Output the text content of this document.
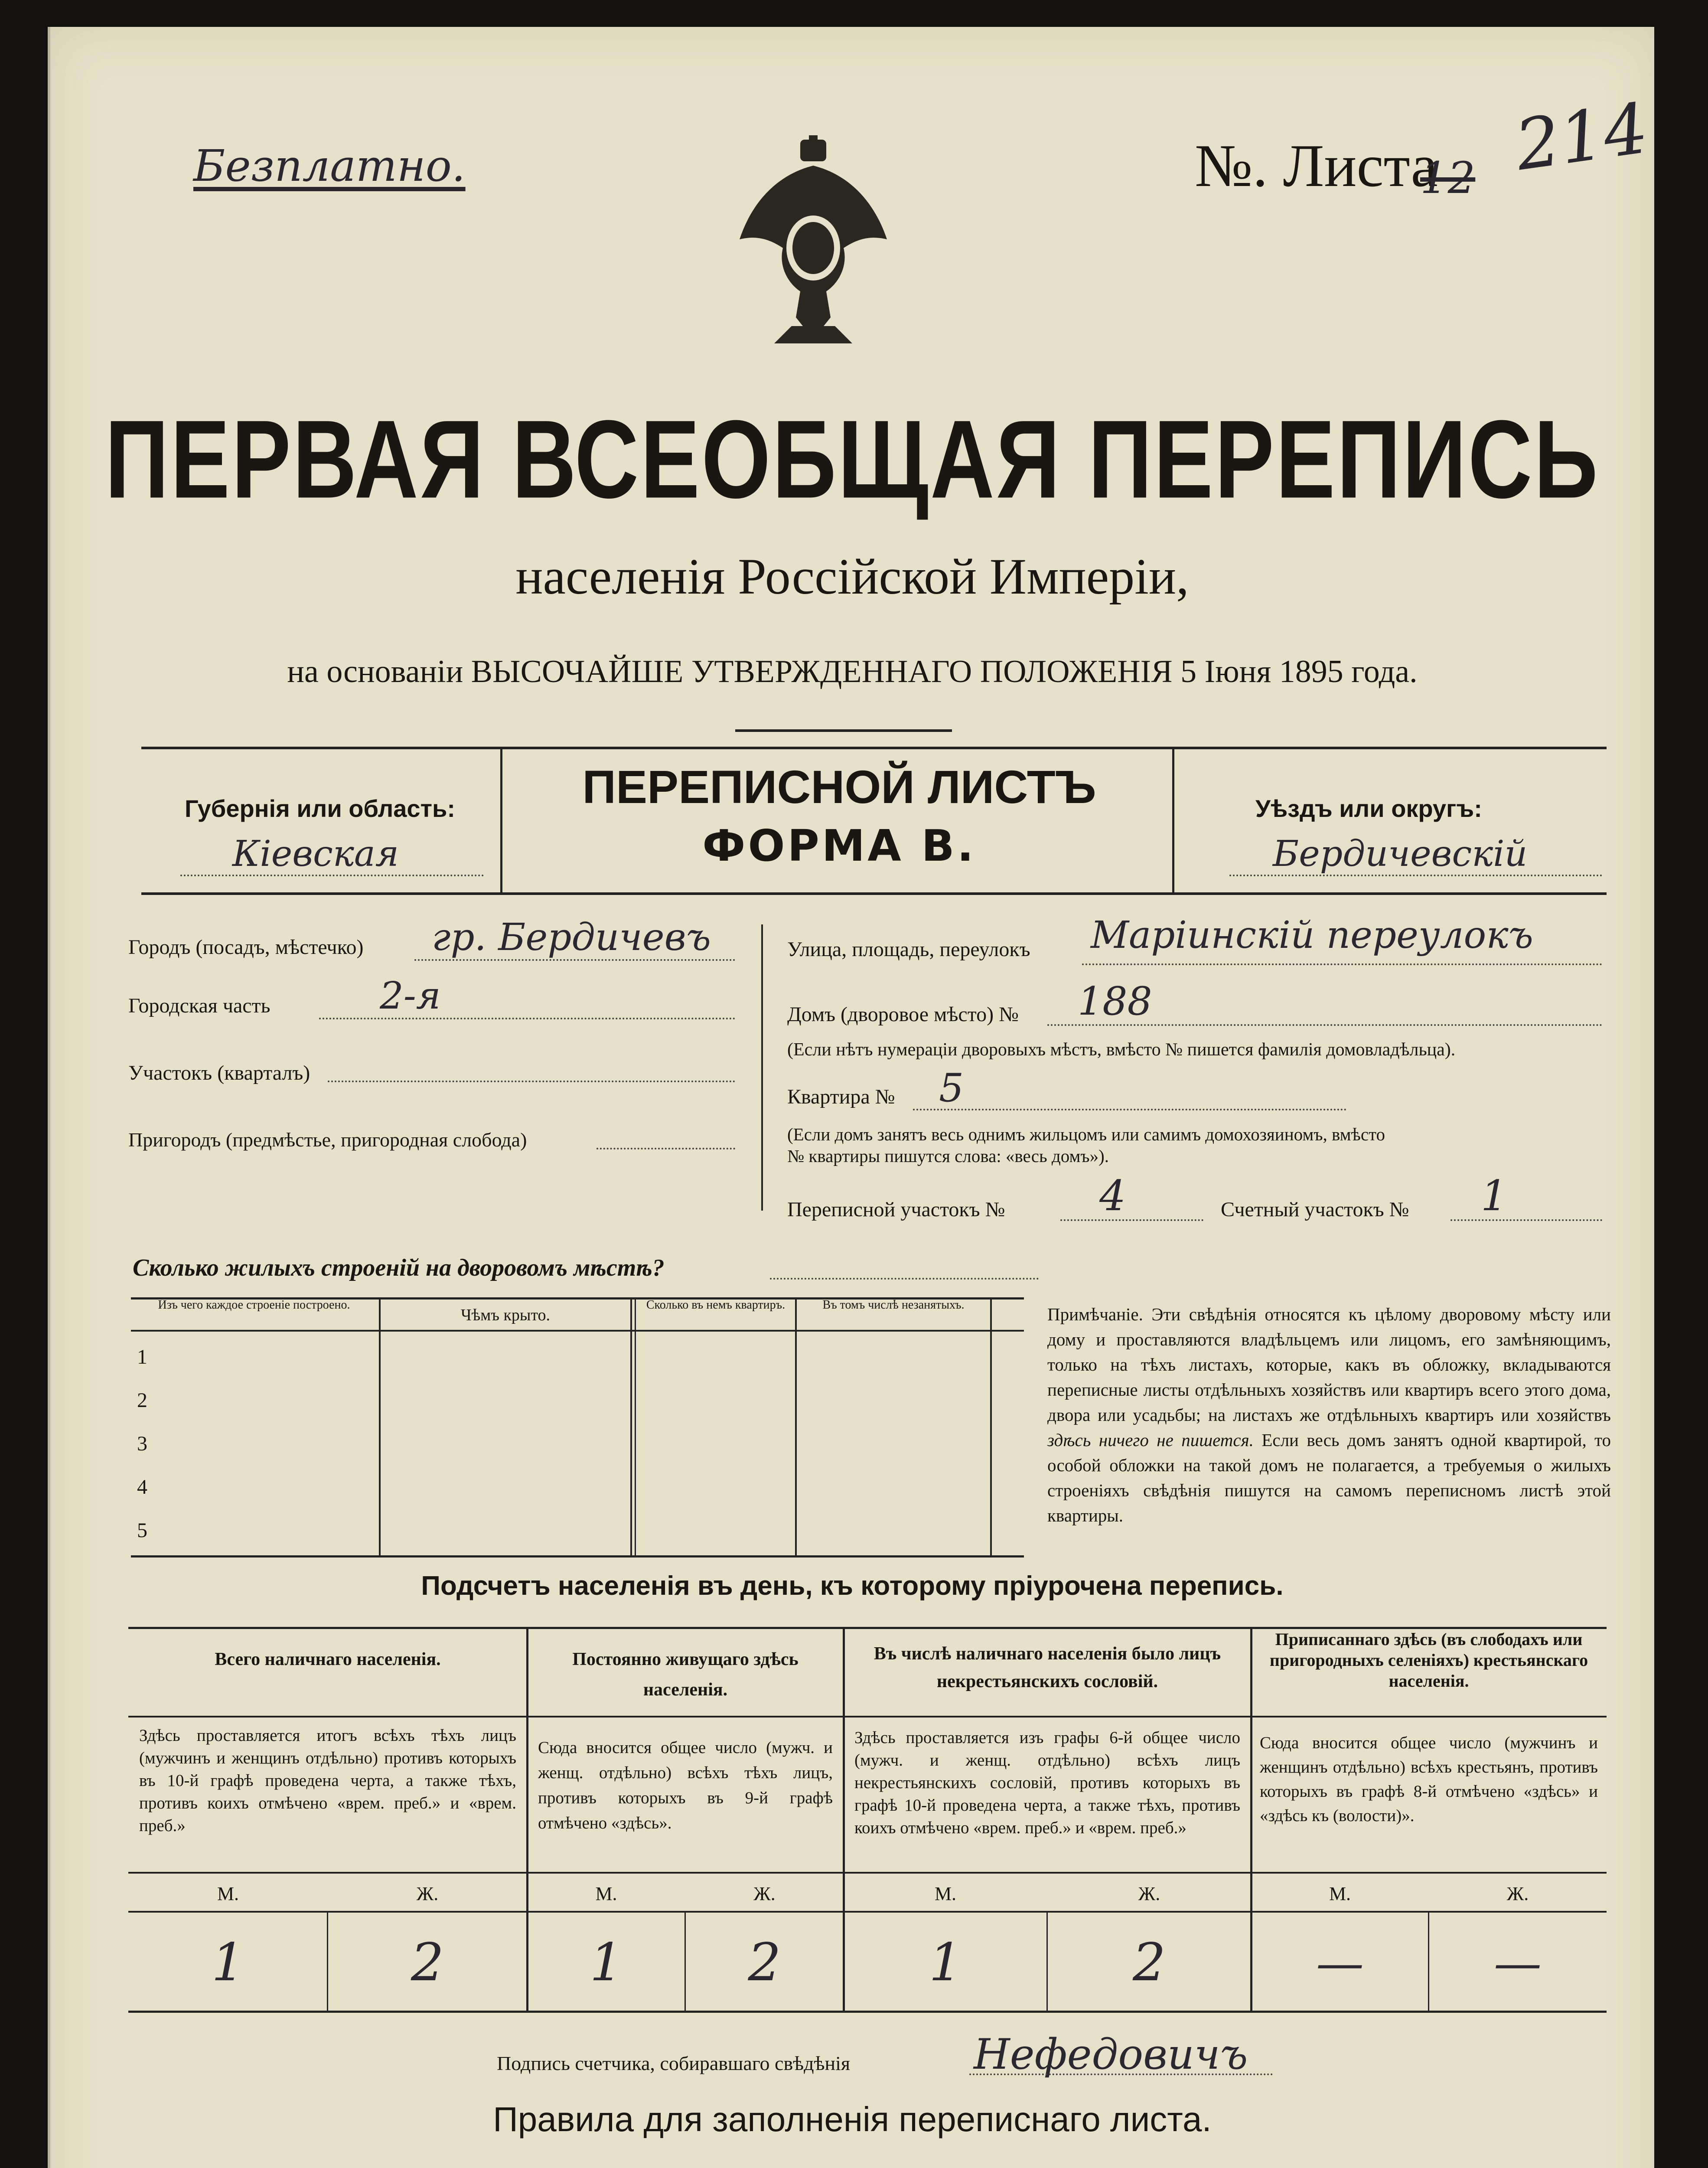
Безплатно.	№. Листа
12 214
ПЕРВАЯ ВСЕОБЩАЯ ПЕРЕПИСЬ
населенія Россійской Имперіи,
на основаніи ВЫСОЧАЙШЕ УТВЕРЖДЕННАГО ПОЛОЖЕНІЯ 5 Іюня 1895 года.
Губернія или область:
Кіевская
ПЕРЕПИСНОЙ ЛИСТЪ
ФОРМА В.
Уѣздъ или округъ:
Бердичевскій
Городъ (посадъ, мѣстечко) гр. Бердичевъ
Городская часть	2-я
Участокъ (кварталъ)
Пригородъ (предмѣстье, пригородная слобода)
Улица, площадь, переулокъ Маріинскій переулокъ
Домъ (дворовое мѣсто) № 188
(Если нѣтъ нумераціи дворовыхъ мѣстъ, вмѣсто № пишется фамилія домовладѣльца).
Квартира № 5
(Если домъ занятъ весь однимъ жильцомъ или самимъ домохозяиномъ, вмѣсто
№ квартиры пишутся слова: «весь домъ»).
Переписной участокъ № 4	Счетный участокъ № 1
Сколько жилыхъ строеній на дворовомъ мѣстѣ?
Изъ чего каждое строеніе построено.
Чѣмъ крыто.
Сколько въ немъ квартиръ.	Въ томъ числѣ незанятыхъ.
1
2
3
4
5
Примѣчаніе. Эти свѣдѣнія относятся къ цѣлому дворовому мѣсту или дому и проставляются владѣльцемъ или лицомъ, его замѣняющимъ, только на тѣхъ листахъ, которые, какъ въ обложку, вкладываются переписные листы отдѣльныхъ хозяйствъ или квартиръ всего этого дома, двора или усадьбы; на листахъ же отдѣльныхъ квартиръ или хозяйствъ здѣсь ничего не пишется. Если весь домъ занятъ одной квартирой, то особой обложки на такой домъ не полагается, а требуемыя о жилыхъ строеніяхъ свѣдѣнія пишутся на самомъ переписномъ листѣ этой квартиры.
Подсчетъ населенія въ день, къ которому пріурочена перепись.
Всего наличнаго населенія.
Здѣсь проставляется итогъ всѣхъ тѣхъ лицъ (мужчинъ и женщинъ отдѣльно) противъ которыхъ въ 10-й графѣ проведена черта, а также тѣхъ, противъ коихъ отмѣчено «врем. преб.» и «врем. преб.»
М.	Ж.
1	2
Постоянно живущаго здѣсь населенія.
Сюда вносится общее число (мужч. и женщ. отдѣльно) всѣхъ тѣхъ лицъ, противъ которыхъ въ 9-й графѣ отмѣчено «здѣсь».
М.	Ж.
1	2
Въ числѣ наличнаго населенія было лицъ некрестьянскихъ сословій.
Здѣсь проставляется изъ графы 6-й общее число (мужч. и женщ. отдѣльно) всѣхъ лицъ некрестьянскихъ сословій, противъ которыхъ въ графѣ 10-й проведена черта, а также тѣхъ, противъ коихъ отмѣчено «врем. преб.» и «врем. преб.»
М.	Ж.
1	2
Приписаннаго здѣсь (въ слободахъ или пригородныхъ селеніяхъ) крестьянскаго населенія.
Сюда вносится общее число (мужчинъ и женщинъ отдѣльно) всѣхъ крестьянъ, противъ которыхъ въ графѣ 8-й отмѣчено «здѣсь» и «здѣсь къ (волости)».
М.	Ж.
—	—
Подпись счетчика, собиравшаго свѣдѣнія	Нефедовичъ
Правила для заполненія переписнаго листа.
